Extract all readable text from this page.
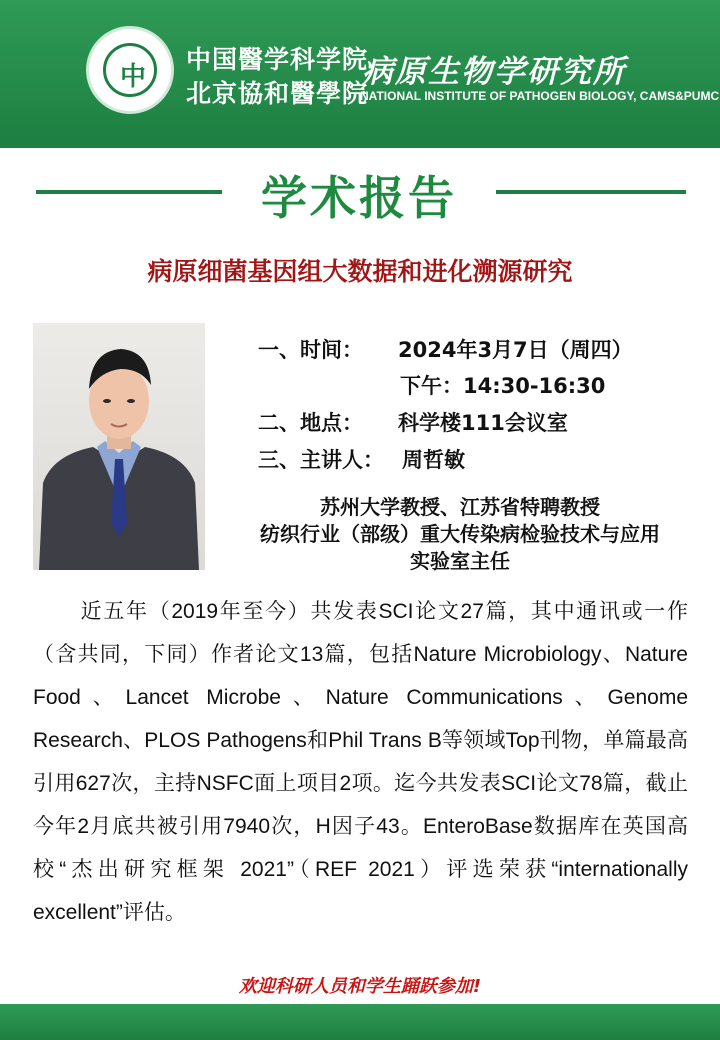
中
中国醫学科学院
北京協和醫學院
病原生物学研究所
NATIONAL INSTITUTE OF PATHOGEN BIOLOGY, CAMS&PUMC
学术报告
病原细菌基因组大数据和进化溯源研究
一、时间： 2024年3月7日（周四）
下午：14:30-16:30
二、地点： 科学楼111会议室
三、主讲人： 周哲敏
苏州大学教授、江苏省特聘教授
纺织行业（部级）重大传染病检验技术与应用
实验室主任
近五年（2019年至今）共发表SCI论文27篇，其中通讯或一作（含共同，下同）作者论文13篇，包括Nature Microbiology、Nature Food、Lancet Microbe、Nature Communications、Genome Research、PLOS Pathogens和Phil Trans B等领域Top刊物，单篇最高引用627次，主持NSFC面上项目2项。迄今共发表SCI论文78篇，截止今年2月底共被引用7940次，H因子43。EnteroBase数据库在英国高校“杰出研究框架 2021”（REF 2021）评选荣获“internationally excellent”评估。
欢迎科研人员和学生踊跃参加!
